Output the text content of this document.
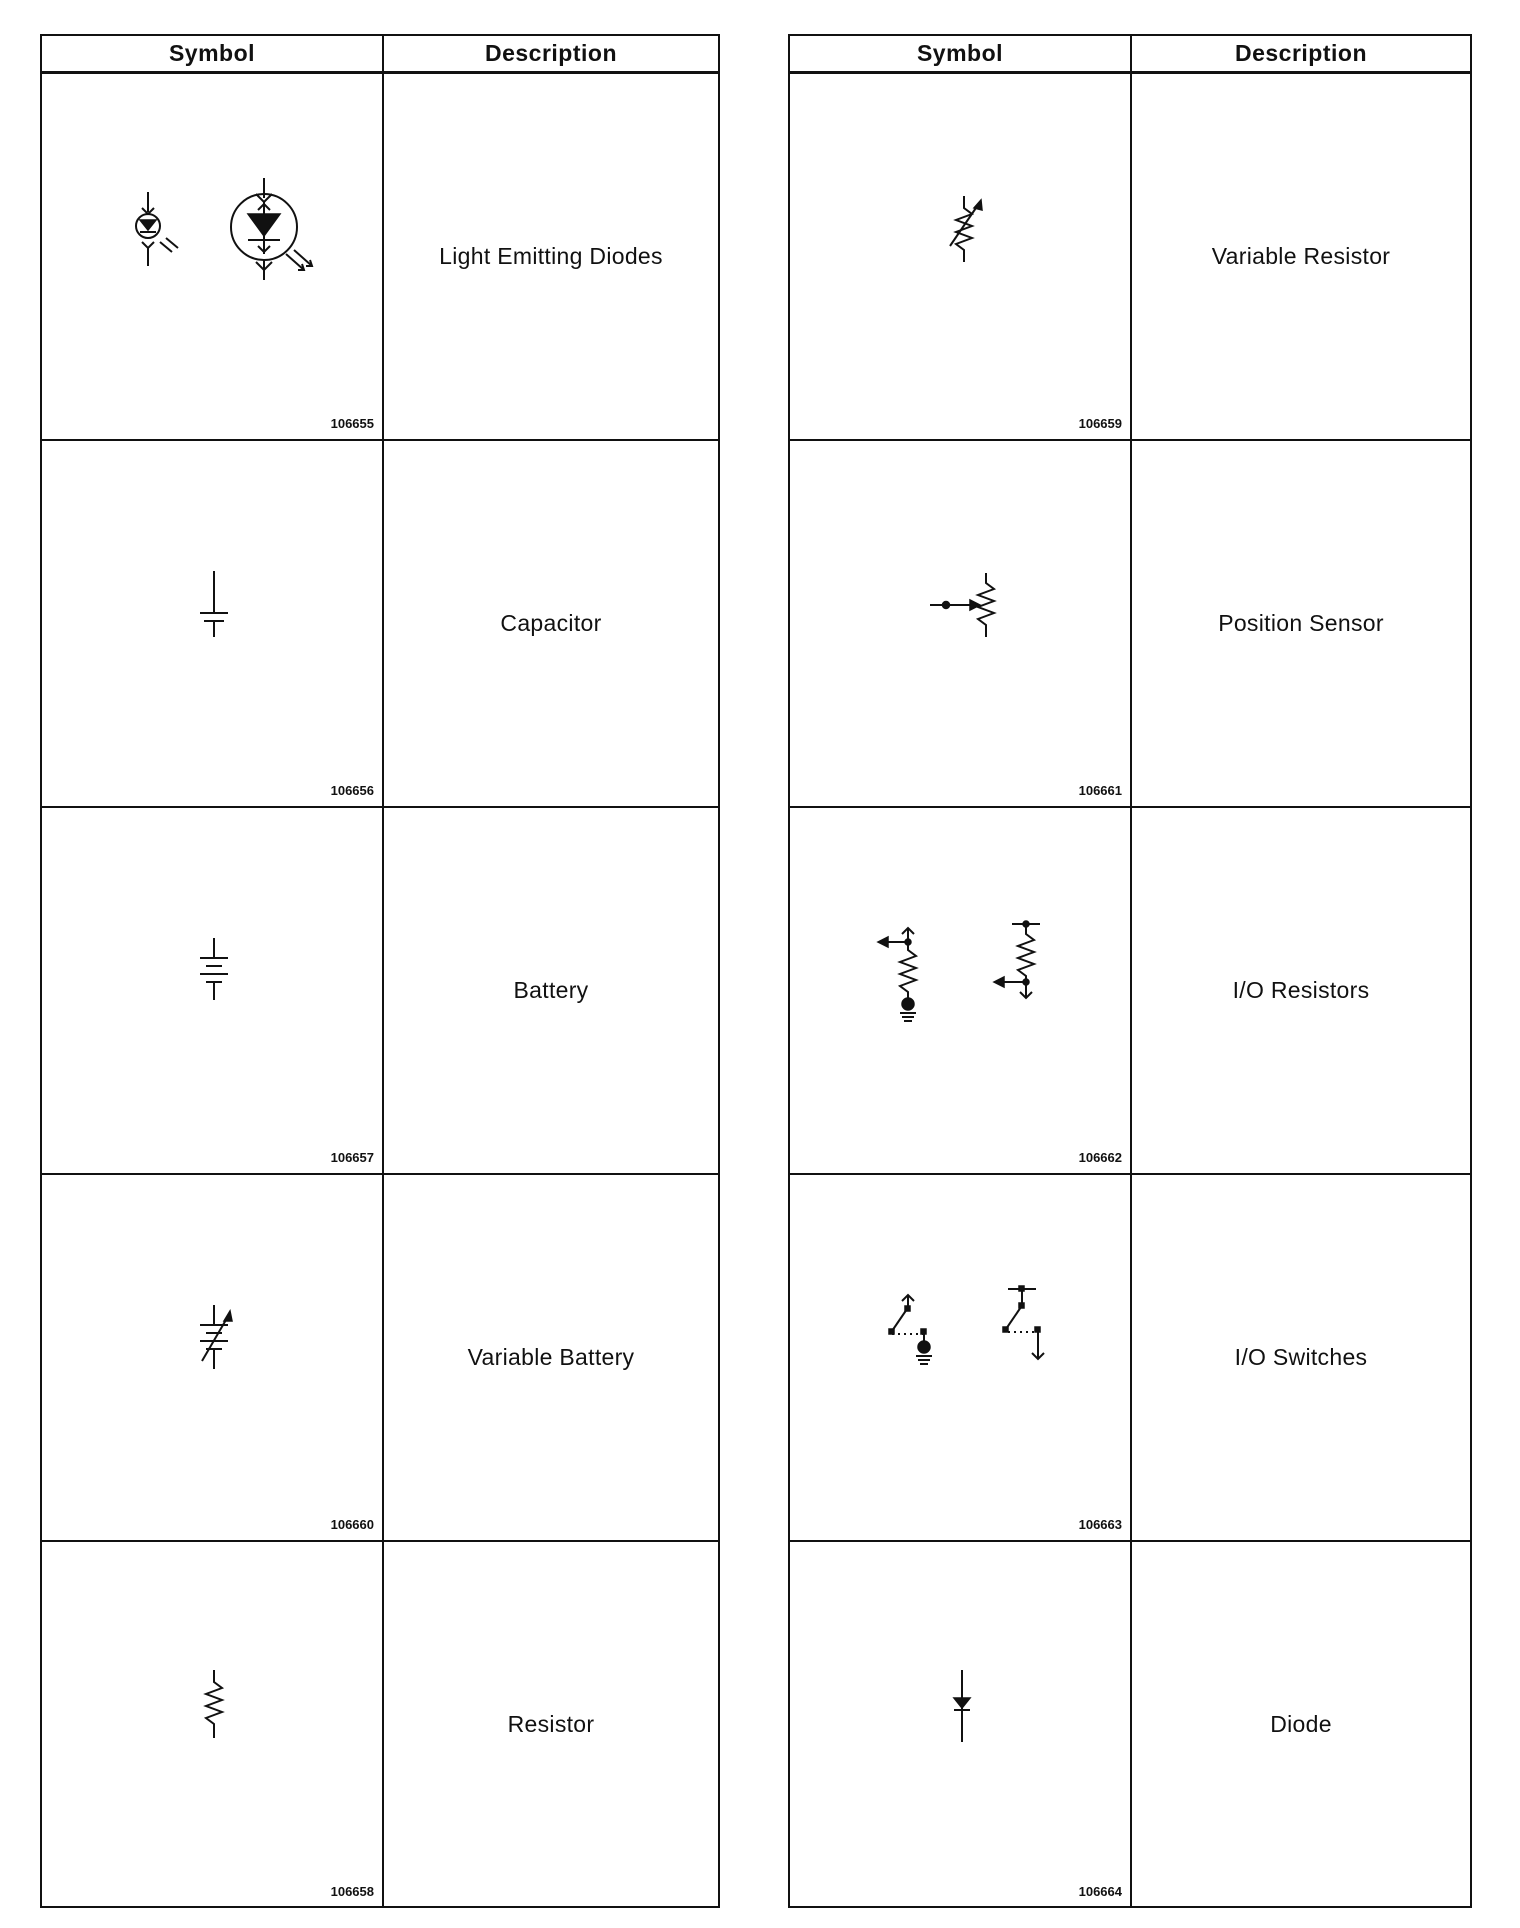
Symbol	Description
106655
Light Emitting Diodes
106656
Capacitor
106657
Battery
106660
Variable Battery
106658
Resistor
Symbol	Description
106659
Variable Resistor
106661
Position Sensor
106662
I/O Resistors
106663
I/O Switches
106664
Diode
